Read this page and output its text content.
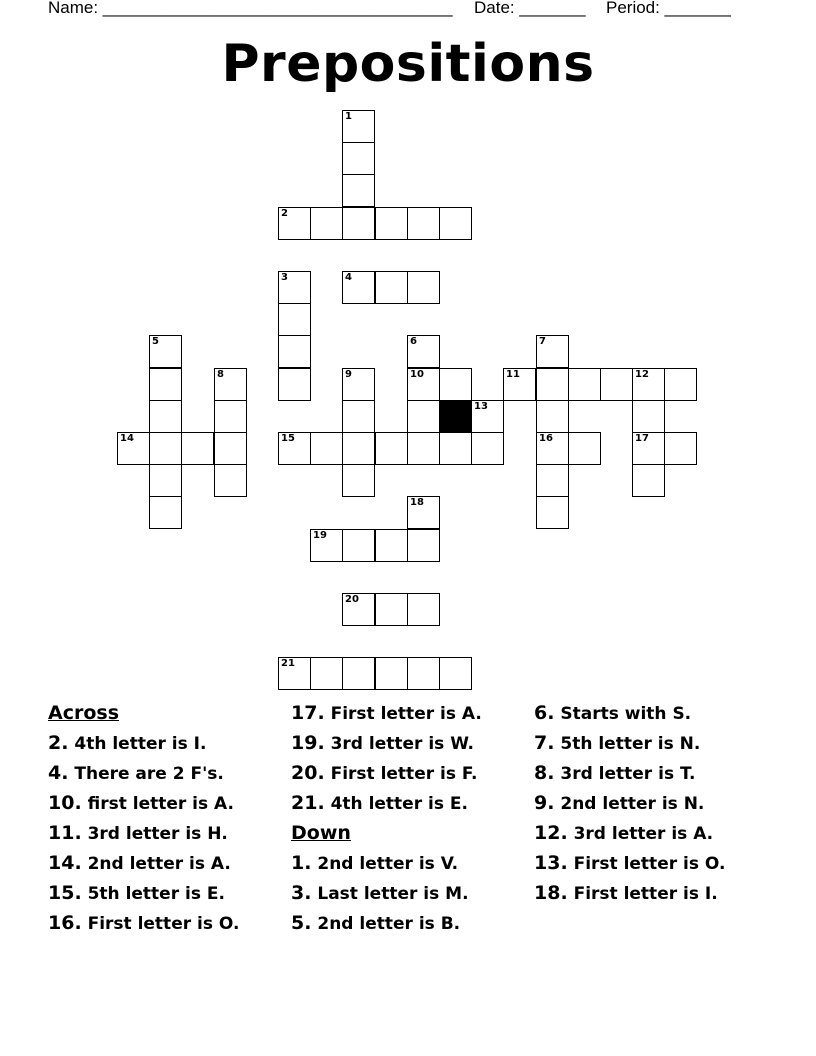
Name: _____________________________________ Date: _______ Period: _______
Prepositions
1
2
3	4
5	6	7
8	9	10	11	12
13
14	15	16	17
18
19
20
21
Across
2. 4th letter is I.
4. There are 2 F's.
10. first letter is A.
11. 3rd letter is H.
14. 2nd letter is A.
15. 5th letter is E.
16. First letter is O.
17. First letter is A.
19. 3rd letter is W.
20. First letter is F.
21. 4th letter is E.
Down
1. 2nd letter is V.
3. Last letter is M.
5. 2nd letter is B.
6. Starts with S.
7. 5th letter is N.
8. 3rd letter is T.
9. 2nd letter is N.
12. 3rd letter is A.
13. First letter is O.
18. First letter is I.
